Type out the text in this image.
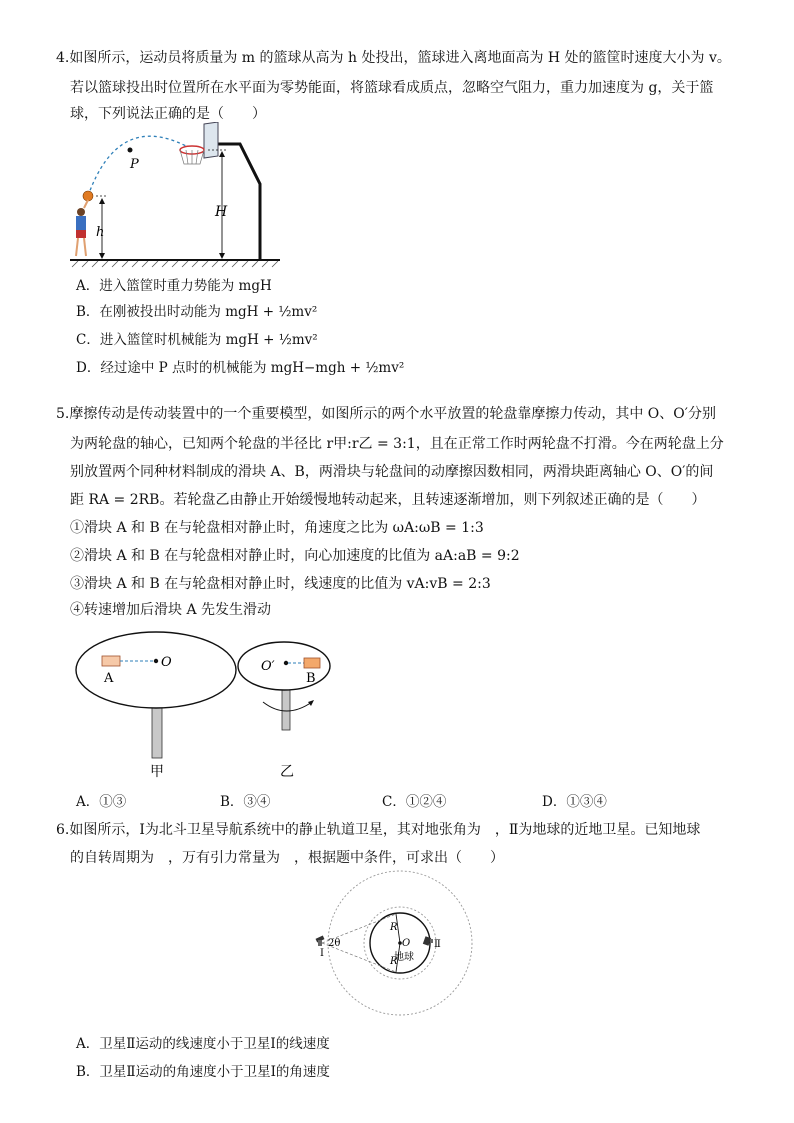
4.如图所示，运动员将质量为 m 的篮球从高为 h 处投出，篮球进入离地面高为 H 处的篮筐时速度大小为 v。
若以篮球投出时位置所在水平面为零势能面，将篮球看成质点，忽略空气阻力，重力加速度为 g，关于篮
球，下列说法正确的是（　　）
P
h
H
A．进入篮筐时重力势能为 mgH
B．在刚被投出时动能为 mgH + ½mv²
C．进入篮筐时机械能为 mgH + ½mv²
D．经过途中 P 点时的机械能为 mgH−mgh + ½mv²
5.摩擦传动是传动装置中的一个重要模型，如图所示的两个水平放置的轮盘靠摩擦力传动，其中 O、O′分别
为两轮盘的轴心，已知两个轮盘的半径比 r甲:r乙 = 3:1，且在正常工作时两轮盘不打滑。今在两轮盘上分
别放置两个同种材料制成的滑块 A、B，两滑块与轮盘间的动摩擦因数相同，两滑块距离轴心 O、O′的间
距 RA = 2RB。若轮盘乙由静止开始缓慢地转动起来，且转速逐渐增加，则下列叙述正确的是（　　）
①滑块 A 和 B 在与轮盘相对静止时，角速度之比为 ωA:ωB = 1:3
②滑块 A 和 B 在与轮盘相对静止时，向心加速度的比值为 aA:aB = 9:2
③滑块 A 和 B 在与轮盘相对静止时，线速度的比值为 vA:vB = 2:3
④转速增加后滑块 A 先发生滑动
O
A
O′
B
甲	乙
A．①③	B．③④	C．①②④	D．①③④
6.如图所示，Ⅰ为北斗卫星导航系统中的静止轨道卫星，其对地张角为　，Ⅱ为地球的近地卫星。已知地球
的自转周期为　，万有引力常量为　，根据题中条件，可求出（　　）
R
R
O
地球
2θ
Ⅰ
Ⅱ
A．卫星Ⅱ运动的线速度小于卫星Ⅰ的线速度
B．卫星Ⅱ运动的角速度小于卫星Ⅰ的角速度
